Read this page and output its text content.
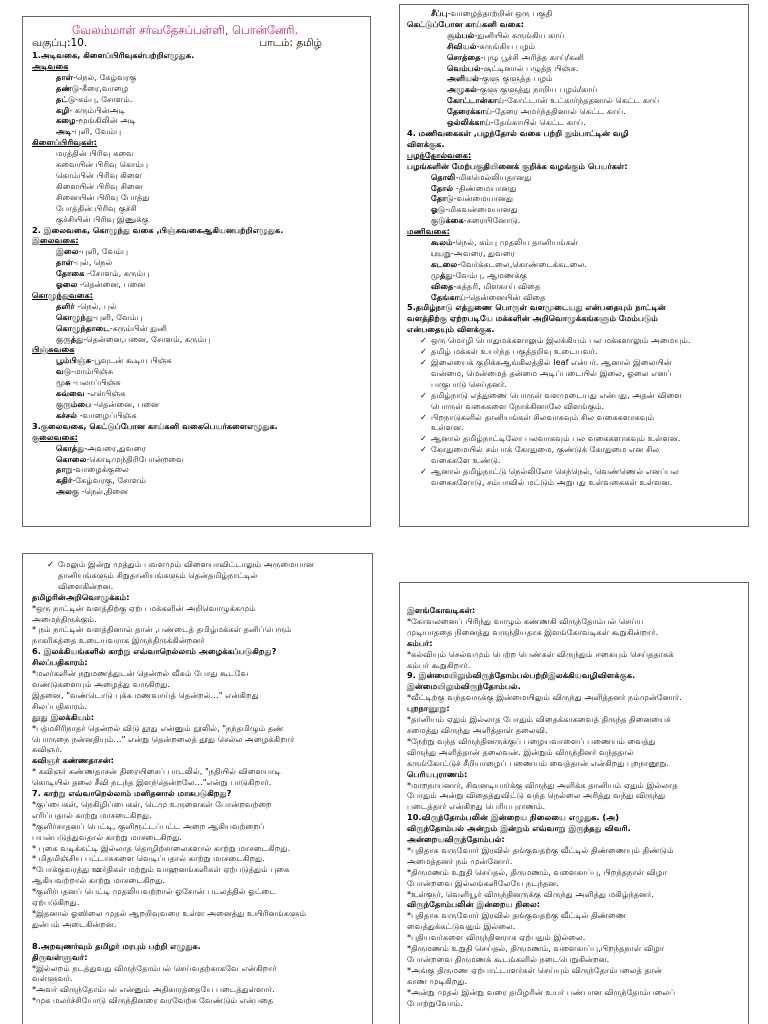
வேலம்மாள் சர்வதேசப்பள்ளி, பொன்னேரி.
வகுப்பு:10.	பாடம்: தமிழ்
1.அடிவகை, கிளைப்பிரிவுகள்பற்றிஎழுதுக.
அடிவகை
தாள்-நெல், கேழ்வரகு
தண்டு-கீரை,வாழை
தட்டு-கம்பு, சோளம்.
கழி- கரும்பின்அடி
கழை-மூங்கிலின் அடி
அடி-புளி, வேம்பு
கிளைப்பிரிவுகள்:
மரத்தின் பிரிவு கவை
கவையின் பிரிவு கொம்பு
கொம்பின் பிரிவு கிளை
கிளையின் பிரிவு சினை
சினையின் பிரிவு போத்து
போத்தின் பிரிவு குச்சி
குச்சியின் பிரிவு இணுக்கு
2. இலைவகை, கொழுந்து வகை ,பிஞ்சுவகைஆகியனபற்றிஎழுதுக.
இலைவகை:
இலை-புளி, வேம்பு
தாள்-புல், நெல்
தோகை -சோளம், கரும்பு
ஓலை -தென்னை, பனை
கொழுந்துவகை:
தளிர் -நெல், புல்
கொழுந்து-புளி, வேம்பு
கொழுந்தாடை-கரும்பின் நுனி
குருத்து-தென்னை,பனை, சோளம், கரும்பு
பிஞ்சுவகை
பூம்பிஞ்சு-பூவுடன் கூடிய பிஞ்சு
வடு-மாம்பிஞ்சு
மூசு -பலாப்பிஞ்சு
கவ்வை -எள்பிஞ்சு
குரும்பை -தென்னை, பனை
கச்சல் -வாழைப்பிஞ்சு
3.குலைவகை, கெட்டுப்போன காய்கனி வகைபெயர்களைஎழுதுக.
குலைவகை:
கொத்து-அவரை,துவரை
கொலை-கொடிமுந்திரிபோன்றவை
தாறு-வாழைக்குலை
கதிர்-கேழ்வரகு, சோளம்
அலகு -நெல்,தினை
சீப்பு-வாழைத்தாற்றின் ஒரு பகுதி
கெட்டுப்போன காய்கனி வகை:
சூம்பல்-நுனியில் சுருங்கிய காய்
சிவியல்-சுருங்கிய பழம்
சொத்தை-புழு பூச்சி அரித்த காய்/கனி
வெம்பல்-சூட்டினால் பழுத்த பிஞ்சு.
அளியல்-குளு குளுத்த பழம்
அழுகல்-குளு குளுத்து நாறிய பழம்/காய்
கோட்டான்காய்-கோட்டான் உட்கார்ந்ததனால் கெட்ட காய்
தேரைக்காய்-தேரை அமர்ந்ததினால் கெட்ட காய்.
ஒல்லிக்காய்-தேங்காயில் கெட்ட காய்.
4. மணிவகைகள் ,பழந்தோல் வகை பற்றி நும்பாட்டின் வழி
விளக்குக.
பழந்தோல்வகை:
பழங்களின் மேற்பகுதியினைக் குறிக்க வழங்கும் பெயர்கள்:
தொலி-மிகமெல்லியதானது
தோல் -திண்மையானது
தோடு-வன்மையானது
ஓடு-மிகவன்மையானது
குடுக்கை-சுரையினோடு.
மணிவகை:
கூலம்-நெல், கம்பு முதலிய தானியங்கள்
பயறு-அவரை, துவரை
கடலை-வேர்க்கடலை,கொண்டைக்கடலை.
முத்து-வேம்பு, ஆமணக்கு
விதை-கத்தரி, மிளகாய் விதை
தேங்காய்-தென்னையின் விதை
5.தமிழ்நாடு எத்துணை பொருள் வளமுடையது என்பதையும் நாட்டின்
வளத்திற்கு ஏற்றபடியே மக்களின் அறிவொழுக்கங்களும் மேம்படும்
என்பதையும் விளக்குக.
✓ ஒரு மொழி பொதுமக்களாலும் இலக்கியம் பல மக்களாலும் அமையும்.
✓ தமிழ் மக்கள் உயர்ந்த பகுத்தறிவு உடையவர்.
✓ இலையைக் குறிக்கஆங்கிலத்தில் leaf என்பர். ஆனால் இலையின்
வன்மை, மென்மைத் தன்மை அடிப்படையில் இலை, ஓலை எனப்
பாகுபாடு செய்தனர்.
✓ தமிழ்நாடு எத்துணை பொருள் வளமுடையது என்பது, அதன் விளை
பொருள் வகைகளை நோக்கினாலே விளங்கும்.
✓ பிறநாடுகளில் தானியங்கள் சிலவாகவும் சில வகைகளாகவும்
உள்ளன.
✓ ஆனால் தமிழ்நாட்டிலோ பலவாகவும் பல வகைகளாகவும் உள்ளன.
✓ கோதுமையில் சம்பாக் கோதுமை, குண்டுக் கோதுமை என சில
வகைகளே உண்டு.
✓ ஆனால் தமிழ்நாட்டு நெல்லிலோ செந்நெல், வெண்ணெல் எனப்பல
வகைகளோடு, சம்பாவில் மட்டும் அறுபது உள்வகைகள் உள்ளன.
✓ மேலும் இன்று முத்தும் பவளமும் விளையாவிட்டாலும் அருமையான
தானியங்களும் சிறுதானியங்களும் தென்தமிழ்நாட்டில்
விளைகின்றன.
தமிழரின்அறிவொழுக்கம்:
*ஒரு நாட்டின் வளத்திற்கு ஏற்ப மக்களின் அறிவொழுக்கமும்
அமைந்திருக்கும்.
* நம் நாட்டின் வளத்தினால் தான் ,பண்டைத் தமிழ்மக்கள் தனிப்பெரும்
நாகரிகத்தை உடையவராக இருந்திருக்கின்றனர்
6. இலக்கியங்களில் காற்று எவ்வாறெல்லாம் அழைக்கப்படுகிறது?
சிலப்பதிகாரம்:
*மலர்களின் நறுமணத்துடன் தென்றல் வீசும் போது கூடவே
வண்டுகளையும் அழைத்து வருகிறது.
இதனை, "வண்டொடு புக்க மணவாய்த் தென்றல்…" என்கிறது
சிலப்பதிகாரம்.
தூது இலக்கியம்:
*பத்மசிரிநாதர் தென்றல் விடு தூது என்னும் நூலில், "நந்தமிழும் தண்
பொருநை நன்னதியும்…" என்று தென்றலைத் தூது செல்ல அழைக்கிறார்
கவிஞர்.
கவிஞர் கண்ணதாசன்:
* கவிஞர் கண்ணதாசன் திரையிசைப் பாடலில், "நதியில் விளையாடி
கொடியில் தலை சீவி நடந்த இளந்தென்றலே…"என்று பாடுகிறார்.
7. காற்று எவ்வாறெல்லாம் மனிதனால் மாசுபடுகிறது?
*குப்பைகள், நெகிழிப்பைகள், டெமு உருளைகள் போன்றவற்றை
எரிப்பதால் காற்று மாசடைகிறது.
*குளிர்சாதனப் பெட்டி, குளிரூட்டப்பட்ட அறை ஆகியவற்றைப்
பயன்படுத்துவதால் காற்று மாசடைகிறது.
* புகை வடிக்கட்டி இல்லாத தொழிற்சாலைகளால் காற்று மாசடைகிறது.
* மிதமிஞ்சிய பட்டாசுகளை வெடிப்பதால் காற்று மாசடைகிறது.
*போக்குவரத்து ஊர்திகள் மற்றும் வாஹனங்களிகள் ஏற்படுத்தும் புகை
ஆகியவற்றால் காற்று மாசடைகிறது.
*குளிர்பதனப் பெட்டி முதலியவற்றால் ஓசோன் படலத்தில் ஓட்டை
ஏற்படுகிறது.
*இதனால் ஓஸிலை முதல் ஆறறிவுவரை உள்ள அனைத்து உயிரினங்களும்
துன்பம் அடைகின்றன.

8.அறவுணர்வும் தமிழர் மரபும் பற்றி எழுதுக.
திருவள்ளுவர்:
*இல்லறம் நடத்துவது விருந்தோம்பல் செய்வதற்காகவே என்கிறார்
வள்ளுவர்.
*அவர் விருந்தோம்பல் என்னும் அதிகாரத்தையே படைத்துள்ளார்.
*முக மலர்ச்சியோடு விருந்தினரை வரவேற்க வேண்டும் என்பதை
இளங்கோவடிகள்:
*கோவலனைப் பிரிந்து வாழும் கண்ணகி விருந்தோம்பல் செய்ய
முடியாததை நினைத்து வருந்தியதாக இளங்கோவடிகள் கூறுகின்றார்.
கம்பர்:
*கல்வியும் செல்வமும் பெற்ற பெண்கள் விருந்தும் ஈகையும் செய்ததாகக்
கம்பர் கூறுகிறார்.
9. இன்மையிலும்விருந்தோம்பல்பற்றிஇலக்கியவழிவிளக்குக.
இன்மையிலும்விருந்தோம்பல்.
*வீட்டிற்கு வந்தவருக்கு இன்மையிலும் விருந்து அளித்தனர் நம்முன்னோர்.
புறநானூறு:
*தானியம் ஏதும் இல்லாத போதும் விதைக்காகவைத் திருந்த தினையைச்
சமைத்து விருந்து அளித்தாள் தலைவி.
*நேற்று வந்த விருந்தினருக்குப் பழையவாளைப் பணையம் வைத்து
விருந்து அளித்தான் தலைவன். இன்றும் விருந்தினர் வந்ததால்
கருங்கோட்டுச் சீறியாழைப் பணையம் வைத்தான் என்கிறது புறநானூறு.
பெரியபுராணம்:
*மாறநாயனார், சிவனடியார்க்கு விருந்து அளிக்க தானியம் ஏதும் இல்லாத
போதும் அன்று விதைத்துவிட்டு வந்த நெல்லை அரித்து வந்து விருந்து
படைத்தார் என்கிறது பெரியபுராணம்.
10.விருந்தோம்பலின் இன்றைய நிலையை எழுதுக. (அ)
விருந்தோம்பல் அன்றும் இன்றும் எவ்வாறு இருந்தது விவரி.
அன்றையவிருந்தோம்பல்:
*புதிதாக வருவோர் இரவில் தங்குவதற்கு வீட்டில் திண்ணையும் திண்டும்
அமைத்தனர் நம் முன்னோர்.
*திருமணம் உறுதி செய்தல், திருமணம், வளைகாப்பு, பிறந்தநாள் விழா
போன்றவை இல்லங்களிலேயே நடந்தன.
*உள்ளூர், வெளியூர் விருந்தினருக்கு விருந்து அளித்து மகிழ்ந்தனர்.
விருந்தோம்பலின் இன்றைய நிலை:
*புதிதாக வருவோர் இரவில் தங்குவதற்கு வீட்டில் திண்ணை
வைத்துக்கட்டுவதும் இல்லை.
*புதியவர்களை விருந்தினராக ஏற்பதும் இல்லை.
*திருமணம் உறுதி செய்தல், திருமணம், வளைகாப்பு,பிறந்தநாள் விழா
போன்றவை திருமணக் கூடங்களில் நடைபெறுகின்றன.
*அங்கு திருமண ஏற்பாட்டாளர்கள் செய்யும் விருந்தோம்பலைத் தான்
காண முடிகிறது.
*அன்று முதல் இன்று வரை தமிழரின் உயர் பண்பான விருந்தோம்பலைப்
போற்றுவோம்.
